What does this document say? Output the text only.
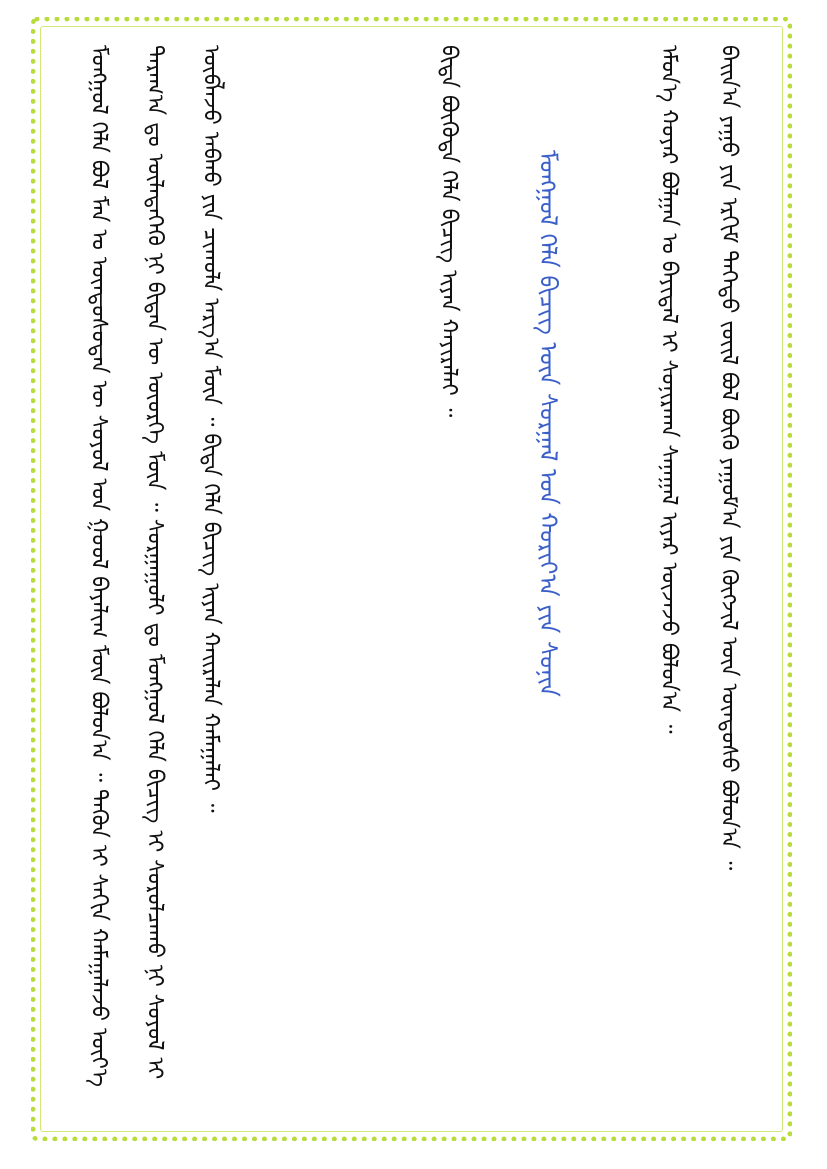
ᠪᠠᠢᠨ᠎ᠠ ᠶᠠᠭᠤ ᠶᠢᠨ ᠡᠷᠬᠢᠮ ᠳᠡᠭᠡᠳᠦ ᠵᠦᠢᠯ ᠪᠣᠯ ᠪᠦᠬᠦ ᠶᠠᠭᠤᠮ᠎ᠠ ᠶᠢᠨ ᠬᠥᠭᠵᠢᠯ ᠦᠨ ᠦᠨᠳᠦᠰᠦ ᠪᠣᠯᠤᠨ᠎ᠠ ᠃
ᠡᠮᠦᠨ᠎ᠡ ᠬᠣᠶᠠᠷ ᠪᠣᠯᠭᠠᠨ ᠤ ᠪᠠᠶᠢᠳᠠᠯ ᠢ ᠰᠣᠨᠢᠷᠬᠠᠨ ᠰᠠᠨᠠᠭᠠᠯ ᠢᠶᠡᠷ ᠦᠵᠡᠵᠦ ᠪᠣᠯᠤᠨ᠎ᠠ ᠃
ᠮᠣᠩᠭᠣᠯ ᠬᠡᠯᠡ ᠪᠢᠴᠢᠭ ᠦᠨ ᠰᠤᠷᠭᠠᠯ ᠤᠨ ᠬᠣᠷᠢᠶ᠎ᠠ ᠶᠢᠨ ᠰᠣᠨᠢᠨ
ᠪᠢᠳᠡ ᠪᠦᠭᠦᠳᠡ ᠬᠡᠯᠡ ᠪᠢᠴᠢᠭ ᠢᠶᠡᠨ ᠬᠠᠶᠢᠷᠠᠯᠠᠶ ᠃
ᠮᠣᠩᠭᠣᠯ ᠬᠡᠯᠡ ᠪᠣᠯ ᠮᠠᠨ ᠤ ᠦᠨᠳᠦᠰᠦᠲᠡᠨ ᠦ ᠰᠣᠶᠣᠯ ᠤᠨ ᠭᠣᠣᠯ ᠪᠠᠶᠠᠯᠢᠭ ᠮᠦᠨ ᠪᠣᠯᠤᠨ᠎ᠠ ᠃ ᠲᠡᠭᠦᠨ ᠢ ᠰᠠᠬᠢᠨ ᠬᠠᠮᠠᠭᠠᠯᠠᠵᠤ ᠦᠶ᠎ᠡ ᠳᠠᠷᠠᠭ᠎ᠠ ᠳᠤ ᠦᠯᠡᠳᠡᠭᠡᠬᠦ ᠨᠢ ᠪᠢᠳᠡᠨ ᠦ ᠦᠦᠷᠭᠡ ᠮᠥᠨ ᠃ ᠰᠤᠷᠭᠠᠭᠤᠯᠢ ᠳᠤ ᠮᠣᠩᠭᠣᠯ ᠬᠡᠯᠡ ᠪᠢᠴᠢᠭ ᠢ ᠰᠤᠷᠤᠯᠴᠠᠬᠤ ᠨᠢ ᠰᠣᠶᠣᠯ ᠢ ᠥᠪᠯᠡᠵᠦ ᠠᠪᠬᠤ ᠶᠢᠨ ᠴᠢᠬᠤᠯᠠ ᠠᠷᠭ᠎ᠠ ᠮᠥᠨ ᠃ ᠪᠢᠳᠡ ᠬᠡᠯᠡ ᠪᠢᠴᠢᠭ ᠢᠶᠡᠨ ᠬᠠᠢᠷᠠᠯᠠᠨ ᠬᠠᠮᠠᠭᠠᠯᠠᠶ ᠃
